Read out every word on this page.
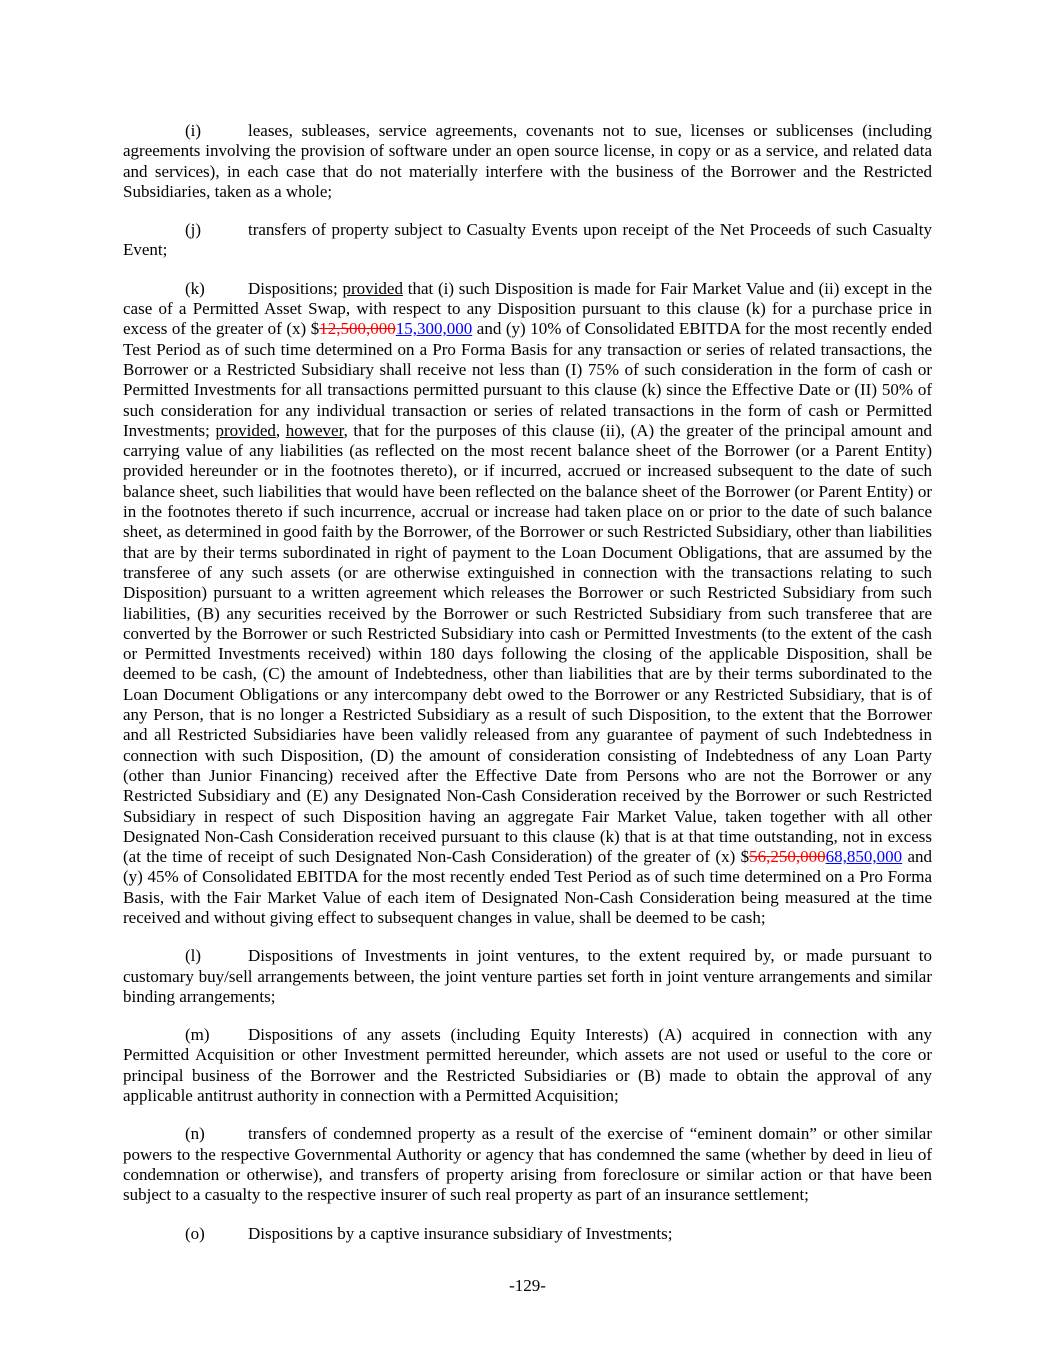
(i)	leases, subleases, service agreements, covenants not to sue, licenses or sublicenses (including agreements involving the provision of software under an open source license, in copy or as a service, and related data and services), in each case that do not materially interfere with the business of the Borrower and the Restricted Subsidiaries, taken as a whole;

(j)	transfers of property subject to Casualty Events upon receipt of the Net Proceeds of such Casualty Event;

(k)	Dispositions; provided that (i) such Disposition is made for Fair Market Value and (ii) except in the case of a Permitted Asset Swap, with respect to any Disposition pursuant to this clause (k) for a purchase price in excess of the greater of (x) $12,500,00015,300,000 and (y) 10% of Consolidated EBITDA for the most recently ended Test Period as of such time determined on a Pro Forma Basis for any transaction or series of related transactions, the Borrower or a Restricted Subsidiary shall receive not less than (I) 75% of such consideration in the form of cash or Permitted Investments for all transactions permitted pursuant to this clause (k) since the Effective Date or (II) 50% of such consideration for any individual transaction or series of related transactions in the form of cash or Permitted Investments; provided, however, that for the purposes of this clause (ii), (A) the greater of the principal amount and carrying value of any liabilities (as reflected on the most recent balance sheet of the Borrower (or a Parent Entity) provided hereunder or in the footnotes thereto), or if incurred, accrued or increased subsequent to the date of such balance sheet, such liabilities that would have been reflected on the balance sheet of the Borrower (or Parent Entity) or in the footnotes thereto if such incurrence, accrual or increase had taken place on or prior to the date of such balance sheet, as determined in good faith by the Borrower, of the Borrower or such Restricted Subsidiary, other than liabilities that are by their terms subordinated in right of payment to the Loan Document Obligations, that are assumed by the transferee of any such assets (or are otherwise extinguished in connection with the transactions relating to such Disposition) pursuant to a written agreement which releases the Borrower or such Restricted Subsidiary from such liabilities, (B) any securities received by the Borrower or such Restricted Subsidiary from such transferee that are converted by the Borrower or such Restricted Subsidiary into cash or Permitted Investments (to the extent of the cash or Permitted Investments received) within 180 days following the closing of the applicable Disposition, shall be deemed to be cash, (C) the amount of Indebtedness, other than liabilities that are by their terms subordinated to the Loan Document Obligations or any intercompany debt owed to the Borrower or any Restricted Subsidiary, that is of any Person, that is no longer a Restricted Subsidiary as a result of such Disposition, to the extent that the Borrower and all Restricted Subsidiaries have been validly released from any guarantee of payment of such Indebtedness in connection with such Disposition, (D) the amount of consideration consisting of Indebtedness of any Loan Party (other than Junior Financing) received after the Effective Date from Persons who are not the Borrower or any Restricted Subsidiary and (E) any Designated Non-Cash Consideration received by the Borrower or such Restricted Subsidiary in respect of such Disposition having an aggregate Fair Market Value, taken together with all other Designated Non-Cash Consideration received pursuant to this clause (k) that is at that time outstanding, not in excess (at the time of receipt of such Designated Non-Cash Consideration) of the greater of (x) $56,250,00068,850,000 and (y) 45% of Consolidated EBITDA for the most recently ended Test Period as of such time determined on a Pro Forma Basis, with the Fair Market Value of each item of Designated Non-Cash Consideration being measured at the time received and without giving effect to subsequent changes in value, shall be deemed to be cash;

(l)	Dispositions of Investments in joint ventures, to the extent required by, or made pursuant to customary buy/sell arrangements between, the joint venture parties set forth in joint venture arrangements and similar binding arrangements;

(m) Dispositions of any assets (including Equity Interests) (A) acquired in connection with any Permitted Acquisition or other Investment permitted hereunder, which assets are not used or useful to the core or principal business of the Borrower and the Restricted Subsidiaries or (B) made to obtain the approval of any applicable antitrust authority in connection with a Permitted Acquisition;

(n)	transfers of condemned property as a result of the exercise of “eminent domain” or other similar powers to the respective Governmental Authority or agency that has condemned the same (whether by deed in lieu of condemnation or otherwise), and transfers of property arising from foreclosure or similar action or that have been subject to a casualty to the respective insurer of such real property as part of an insurance settlement;

(o)	Dispositions by a captive insurance subsidiary of Investments;

-129-
